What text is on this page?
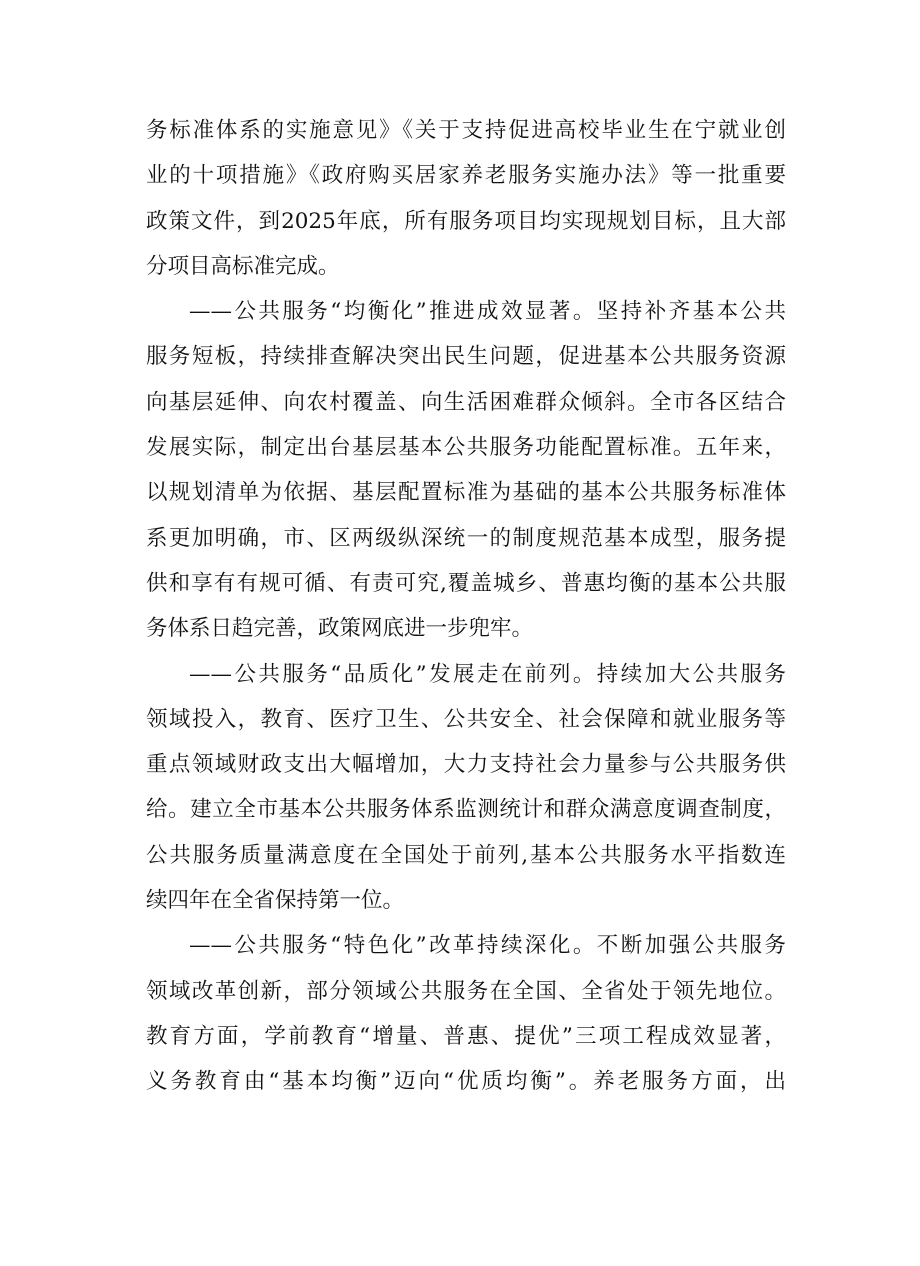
务标准体系的实施意见》《关于支持促进高校毕业生在宁就业创
业的十项措施》《政府购买居家养老服务实施办法》等一批重要
政策文件，到2025年底，所有服务项目均实现规划目标，且大部
分项目高标准完成。
——公共服务“均衡化”推进成效显著。坚持补齐基本公共
服务短板，持续排查解决突出民生问题，促进基本公共服务资源
向基层延伸、向农村覆盖、向生活困难群众倾斜。全市各区结合
发展实际，制定出台基层基本公共服务功能配置标准。五年来，
以规划清单为依据、基层配置标准为基础的基本公共服务标准体
系更加明确，市、区两级纵深统一的制度规范基本成型，服务提
供和享有有规可循、有责可究,覆盖城乡、普惠均衡的基本公共服
务体系日趋完善，政策网底进一步兜牢。
——公共服务“品质化”发展走在前列。持续加大公共服务
领域投入，教育、医疗卫生、公共安全、社会保障和就业服务等
重点领域财政支出大幅增加，大力支持社会力量参与公共服务供
给。建立全市基本公共服务体系监测统计和群众满意度调查制度，
公共服务质量满意度在全国处于前列,基本公共服务水平指数连
续四年在全省保持第一位。
——公共服务“特色化”改革持续深化。不断加强公共服务
领域改革创新，部分领域公共服务在全国、全省处于领先地位。
教育方面，学前教育“增量、普惠、提优”三项工程成效显著，
义务教育由“基本均衡”迈向“优质均衡”。养老服务方面，出
